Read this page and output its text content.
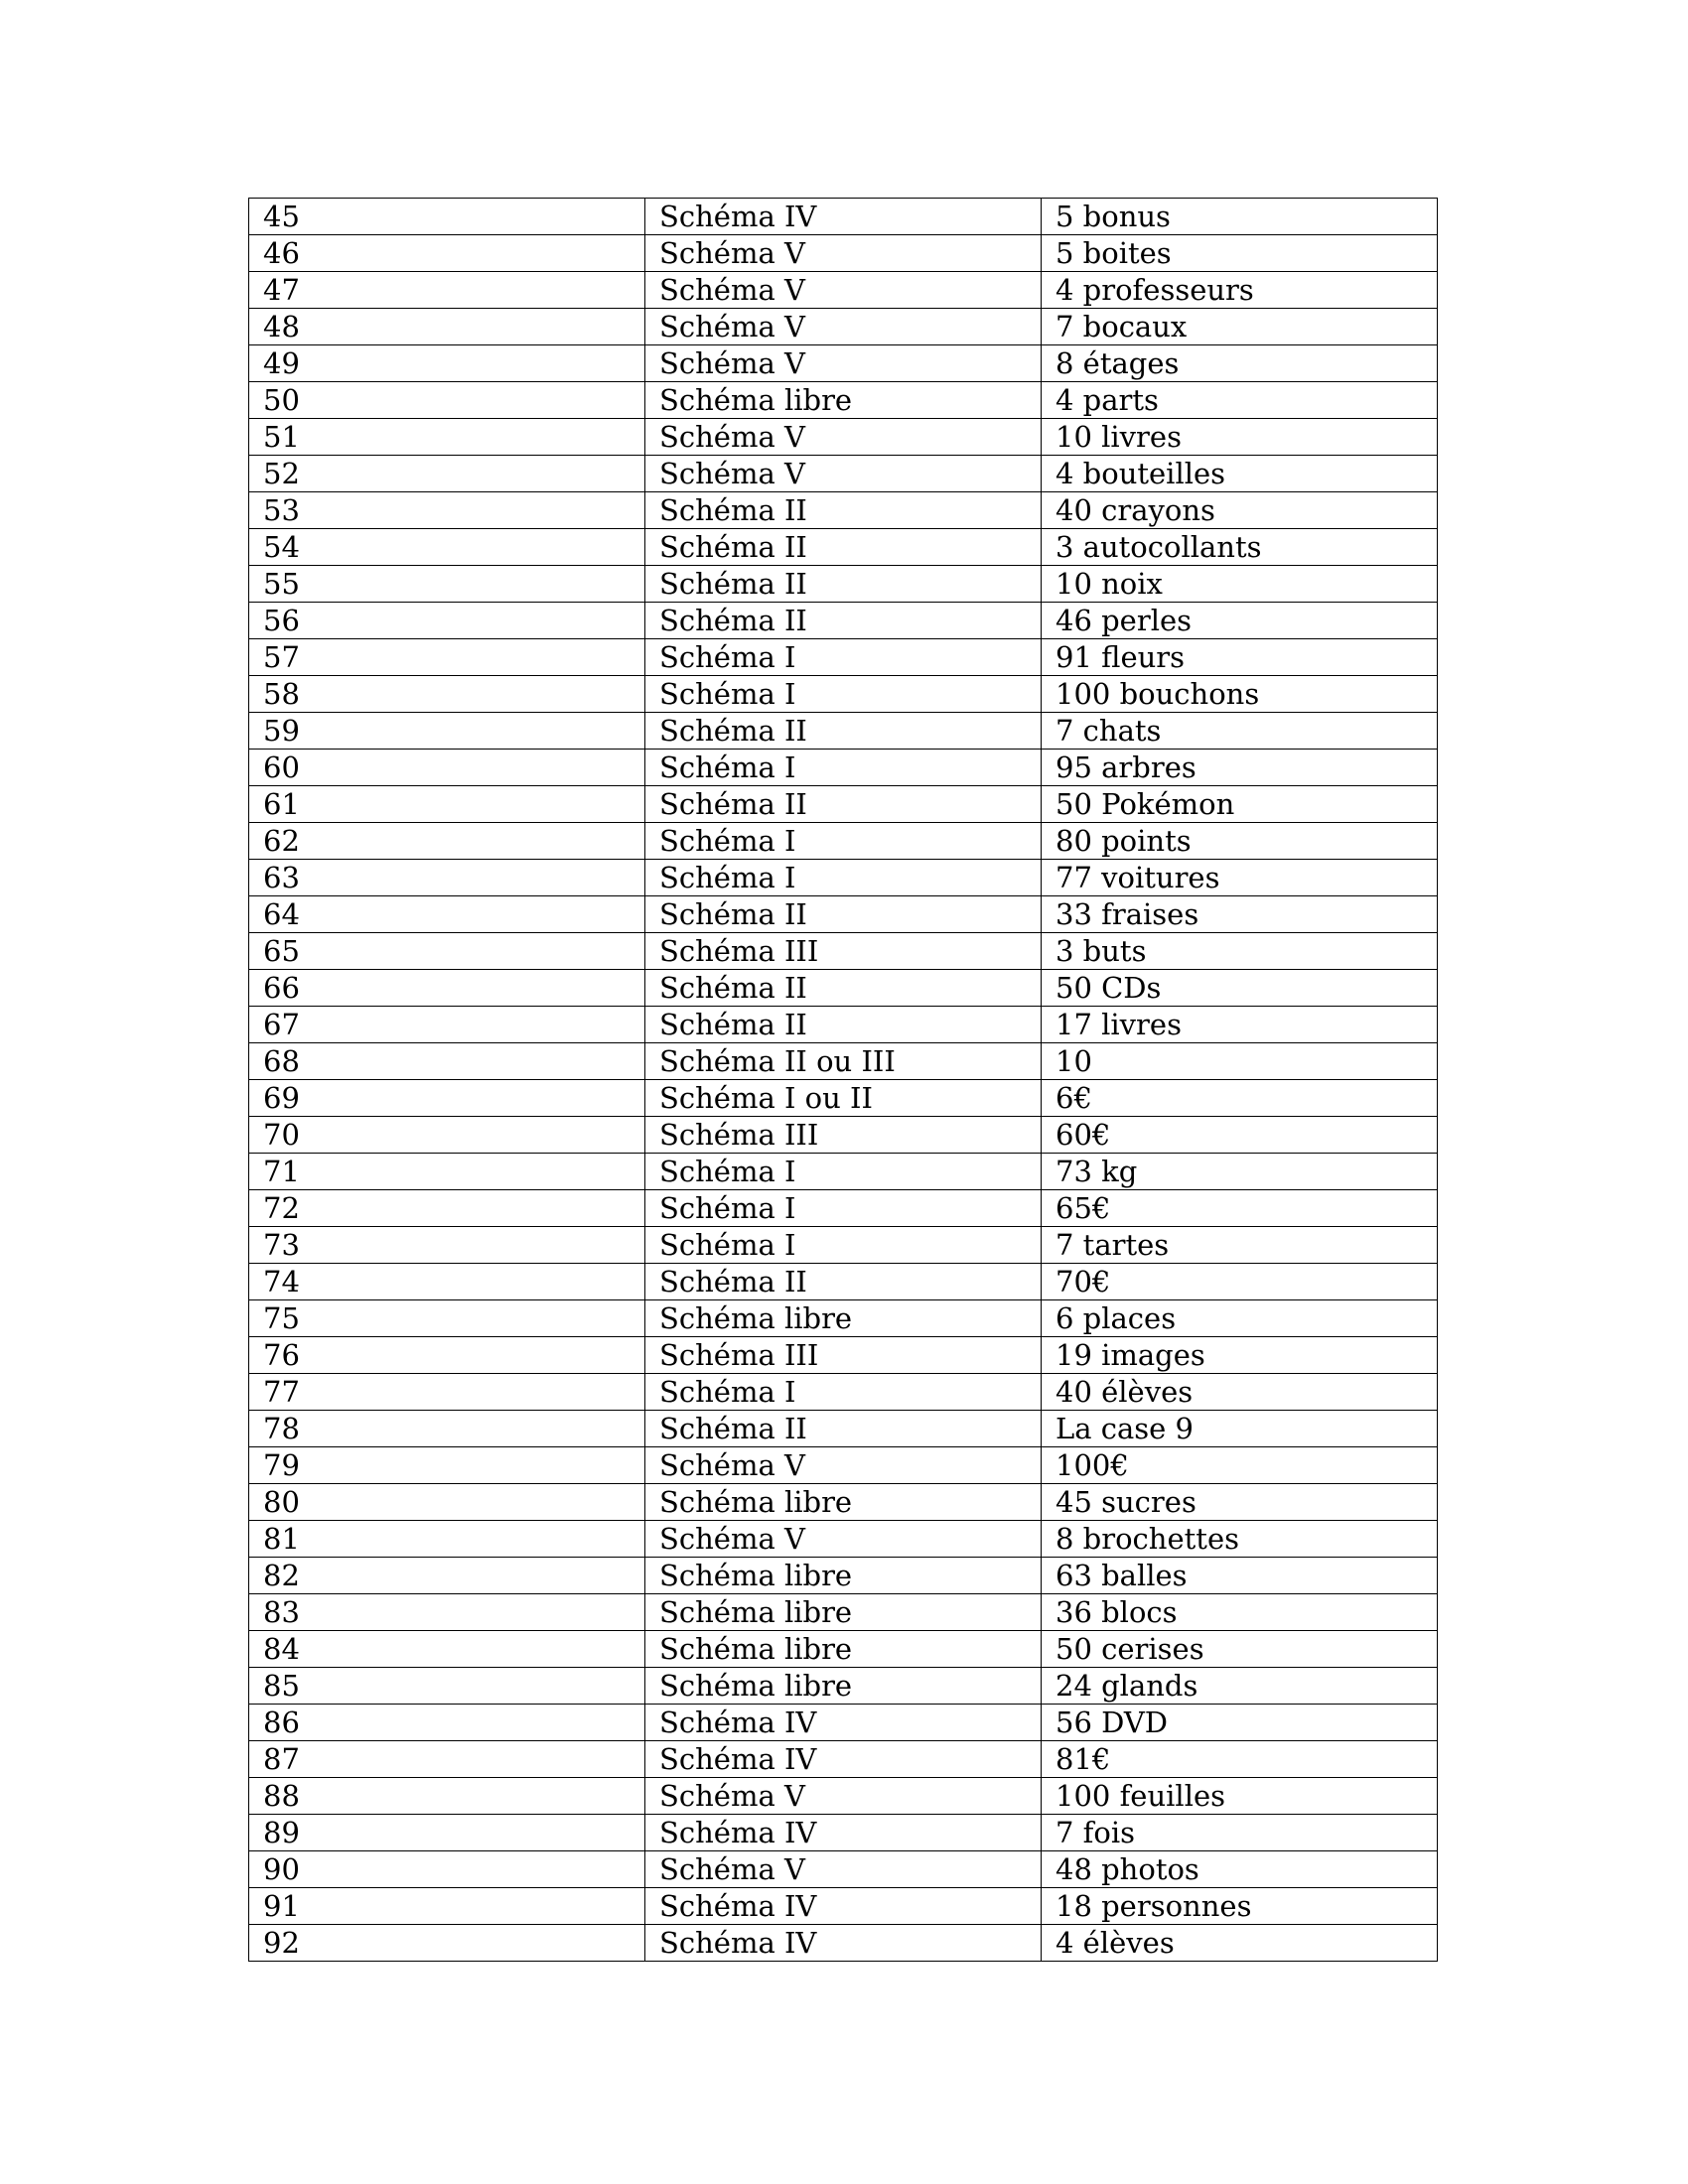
45	Schéma IV	5 bonus
46	Schéma V	5 boites
47	Schéma V	4 professeurs
48	Schéma V	7 bocaux
49	Schéma V	8 étages
50	Schéma libre	4 parts
51	Schéma V	10 livres
52	Schéma V	4 bouteilles
53	Schéma II	40 crayons
54	Schéma II	3 autocollants
55	Schéma II	10 noix
56	Schéma II	46 perles
57	Schéma I	91 fleurs
58	Schéma I	100 bouchons
59	Schéma II	7 chats
60	Schéma I	95 arbres
61	Schéma II	50 Pokémon
62	Schéma I	80 points
63	Schéma I	77 voitures
64	Schéma II	33 fraises
65	Schéma III	3 buts
66	Schéma II	50 CDs
67	Schéma II	17 livres
68	Schéma II ou III	10
69	Schéma I ou II	6€
70	Schéma III	60€
71	Schéma I	73 kg
72	Schéma I	65€
73	Schéma I	7 tartes
74	Schéma II	70€
75	Schéma libre	6 places
76	Schéma III	19 images
77	Schéma I	40 élèves
78	Schéma II	La case 9
79	Schéma V	100€
80	Schéma libre	45 sucres
81	Schéma V	8 brochettes
82	Schéma libre	63 balles
83	Schéma libre	36 blocs
84	Schéma libre	50 cerises
85	Schéma libre	24 glands
86	Schéma IV	56 DVD
87	Schéma IV	81€
88	Schéma V	100 feuilles
89	Schéma IV	7 fois
90	Schéma V	48 photos
91	Schéma IV	18 personnes
92	Schéma IV	4 élèves
